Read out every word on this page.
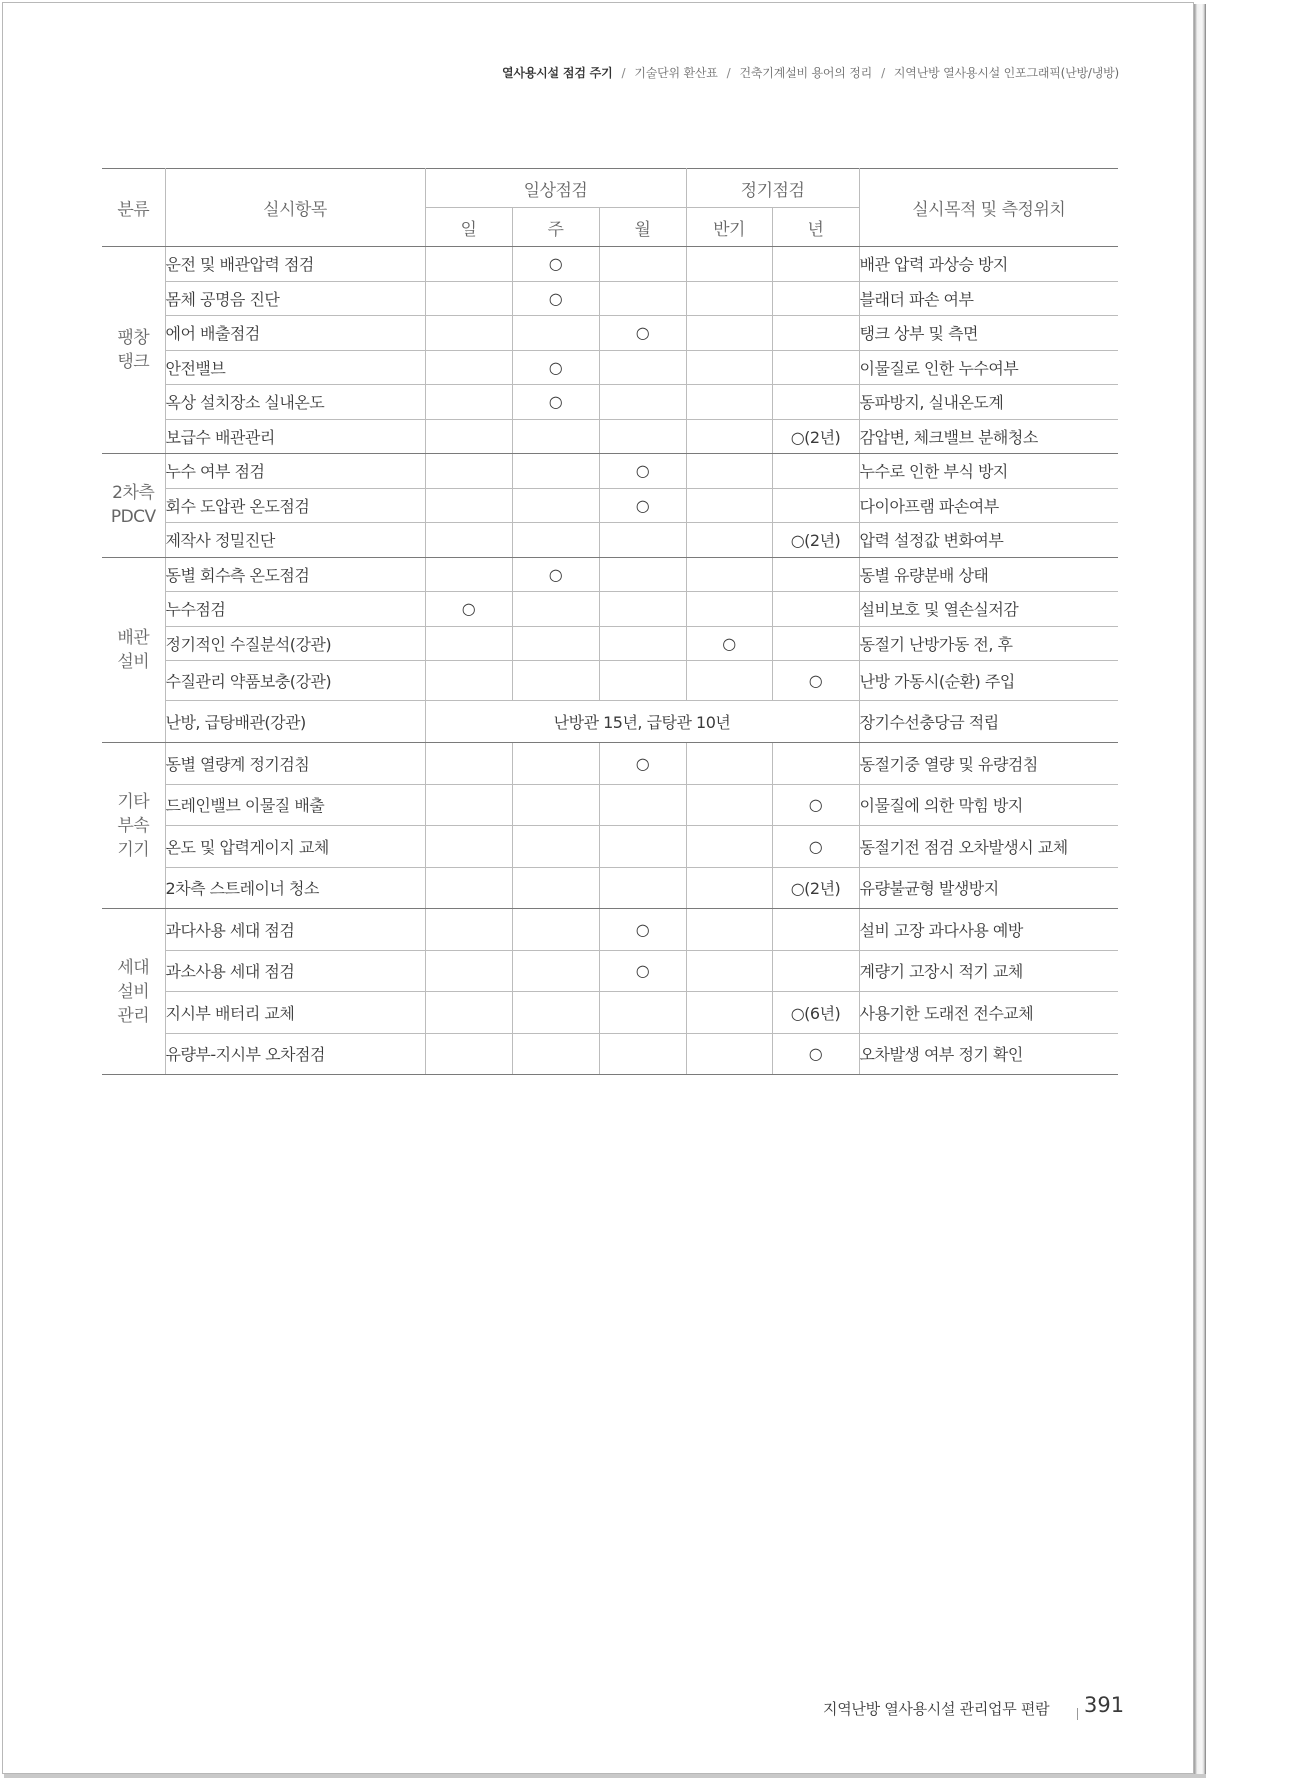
열사용시설 점검 주기 / 기술단위 환산표 / 건축기계설비 용어의 정리 / 지역난방 열사용시설 인포그래픽(난방/냉방)
분류	실시항목	일상점검			정기점검		실시목적 및 측정위치
		일	주	월	반기	년	
팽창
탱크	운전 및 배관압력 점검		○				배관 압력 과상승 방지
	몸체 공명음 진단		○				블래더 파손 여부
	에어 배출점검			○			탱크 상부 및 측면
	안전밸브		○				이물질로 인한 누수여부
	옥상 설치장소 실내온도		○				동파방지, 실내온도계
	보급수 배관관리					○(2년)	감압변, 체크밸브 분해청소
2차측
PDCV	누수 여부 점검			○			누수로 인한 부식 방지
	회수 도압관 온도점검			○			다이아프램 파손여부
	제작사 정밀진단					○(2년)	압력 설정값 변화여부
배관
설비	동별 회수측 온도점검		○				동별 유량분배 상태
	누수점검	○					설비보호 및 열손실저감
	정기적인 수질분석(강관)				○		동절기 난방가동 전, 후
	수질관리 약품보충(강관)					○	난방 가동시(순환) 주입
	난방, 급탕배관(강관)	난방관 15년, 급탕관 10년					장기수선충당금 적립
기타
부속
기기	동별 열량계 정기검침			○			동절기중 열량 및 유량검침
	드레인밸브 이물질 배출					○	이물질에 의한 막힘 방지
	온도 및 압력게이지 교체					○	동절기전 점검 오차발생시 교체
	2차측 스트레이너 청소					○(2년)	유량불균형 발생방지
세대
설비
관리	과다사용 세대 점검			○			설비 고장 과다사용 예방
	과소사용 세대 점검			○			계량기 고장시 적기 교체
	지시부 배터리 교체					○(6년)	사용기한 도래전 전수교체
	유량부-지시부 오차점검					○	오차발생 여부 정기 확인
지역난방 열사용시설 관리업무 편람 391
